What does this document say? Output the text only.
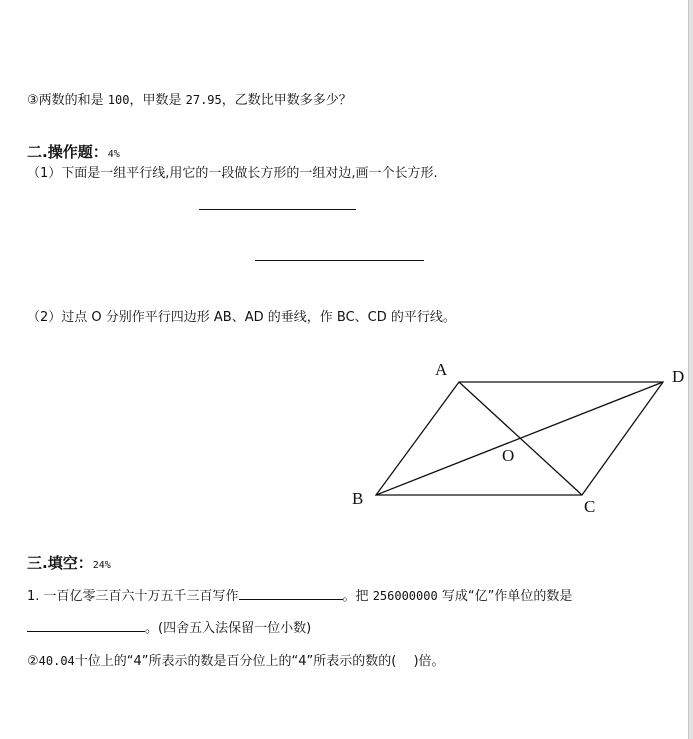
③两数的和是 100，甲数是 27.95，乙数比甲数多多少？
二.操作题：4%
（1）下面是一组平行线,用它的一段做长方形的一组对边,画一个长方形.
（2）过点 O 分别作平行四边形 AB、AD 的垂线，作 BC、CD 的平行线。
A	D
O
B	C
三.填空：24%
1. 一百亿零三百六十万五千三百写作	。把 256000000 写成“亿”作单位的数是
。(四舍五入法保留一位小数)
②40.04十位上的“4”所表示的数是百分位上的“4”所表示的数的(　 )倍。
